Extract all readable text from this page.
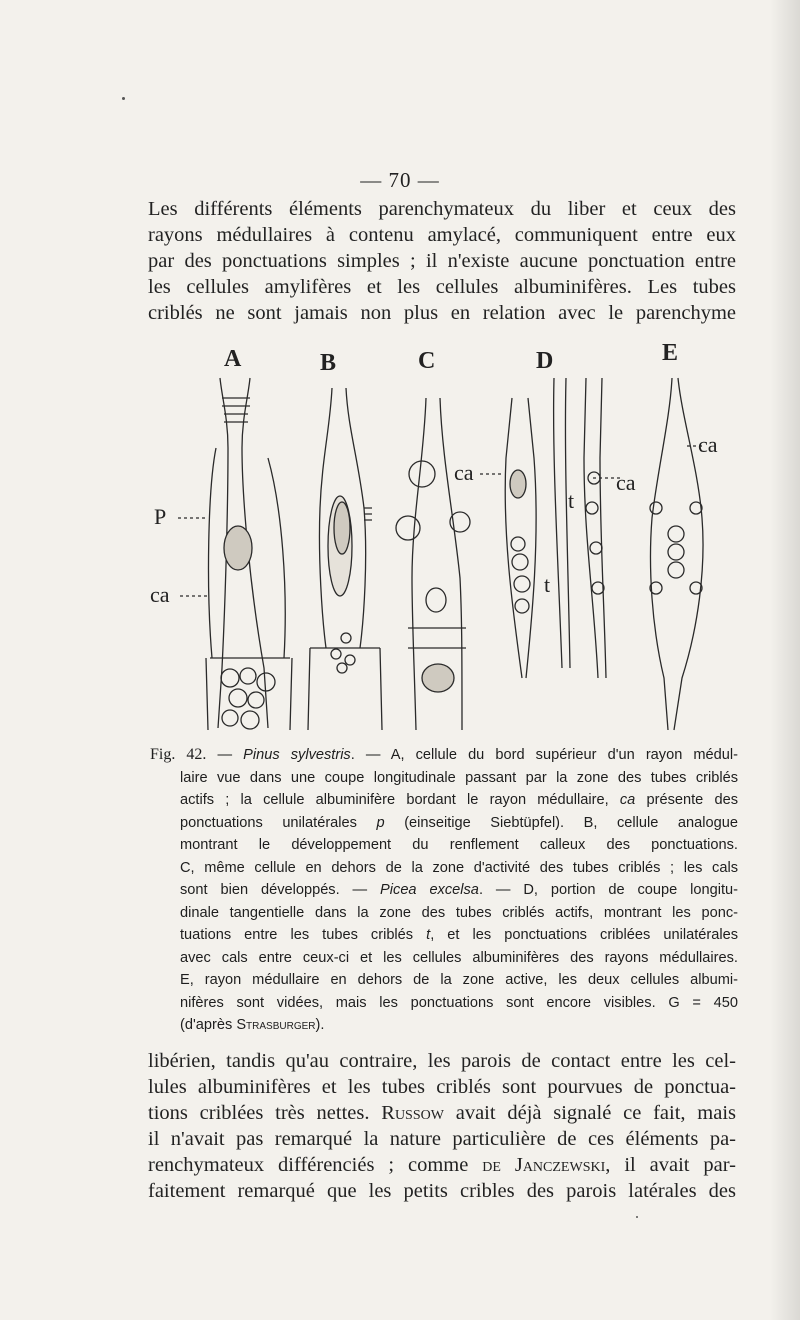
— 70 —
Les différents éléments parenchymateux du liber et ceux des
rayons médullaires à contenu amylacé, communiquent entre eux
par des ponctuations simples ; il n'existe aucune ponctuation entre
les cellules amylifères et les cellules albuminifères. Les tubes
criblés ne sont jamais non plus en relation avec le parenchyme
A	B	C	D	E
P
ca
ca	ca
ca
t
t
Fig. 42. — Pinus sylvestris. — A, cellule du bord supérieur d'un rayon médul-
laire vue dans une coupe longitudinale passant par la zone des tubes criblés
actifs ; la cellule albuminifère bordant le rayon médullaire, ca présente des
ponctuations unilatérales p (einseitige Siebtüpfel). B, cellule analogue
montrant le développement du renflement calleux des ponctuations.
C, même cellule en dehors de la zone d'activité des tubes criblés ; les cals
sont bien développés. — Picea excelsa. — D, portion de coupe longitu-
dinale tangentielle dans la zone des tubes criblés actifs, montrant les ponc-
tuations entre les tubes criblés t, et les ponctuations criblées unilatérales
avec cals entre ceux-ci et les cellules albuminifères des rayons médullaires.
E, rayon médullaire en dehors de la zone active, les deux cellules albumi-
nifères sont vidées, mais les ponctuations sont encore visibles. G = 450
(d'après Strasburger).
libérien, tandis qu'au contraire, les parois de contact entre les cel-
lules albuminifères et les tubes criblés sont pourvues de ponctua-
tions criblées très nettes. Russow avait déjà signalé ce fait, mais
il n'avait pas remarqué la nature particulière de ces éléments pa-
renchymateux différenciés ; comme de Janczewski, il avait par-
faitement remarqué que les petits cribles des parois latérales des
